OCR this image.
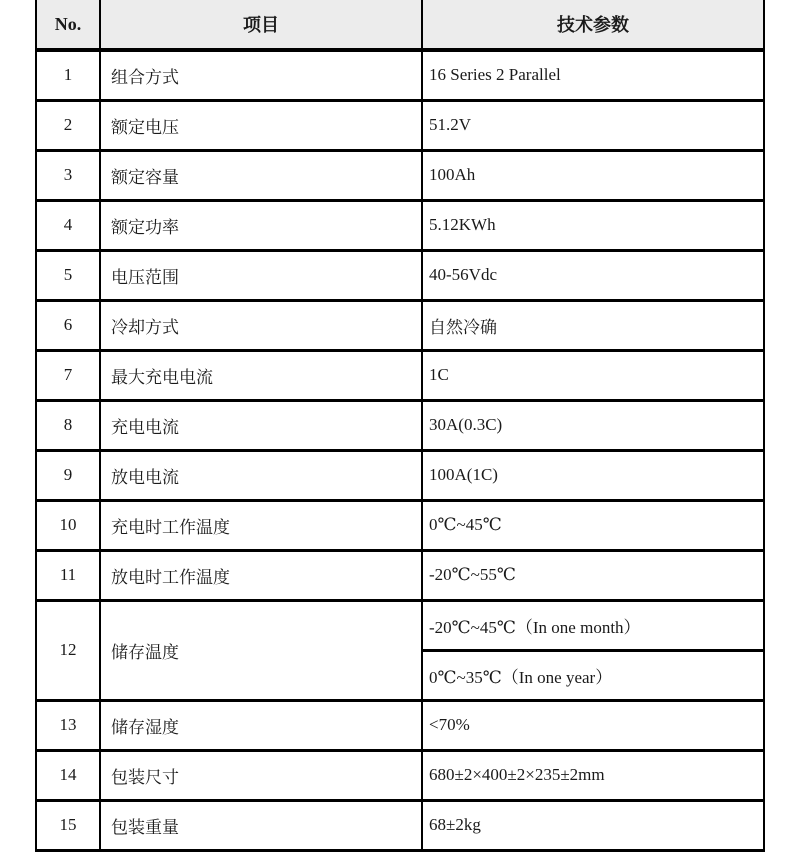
No.	项目	技术参数
1	组合方式	16 Series 2 Parallel
2	额定电压	51.2V
3	额定容量	100Ah
4	额定功率	5.12KWh
5	电压范围	40-56Vdc
6	冷却方式	自然冷确
7	最大充电电流	1C
8	充电电流	30A(0.3C)
9	放电电流	100A(1C)
10	充电时工作温度	0℃~45℃
11	放电时工作温度	-20℃~55℃
12	储存温度	-20℃~45℃（In one month）
		0℃~35℃（In one year）
13	储存湿度	<70%
14	包装尺寸	680±2×400±2×235±2mm
15	包装重量	68±2kg
